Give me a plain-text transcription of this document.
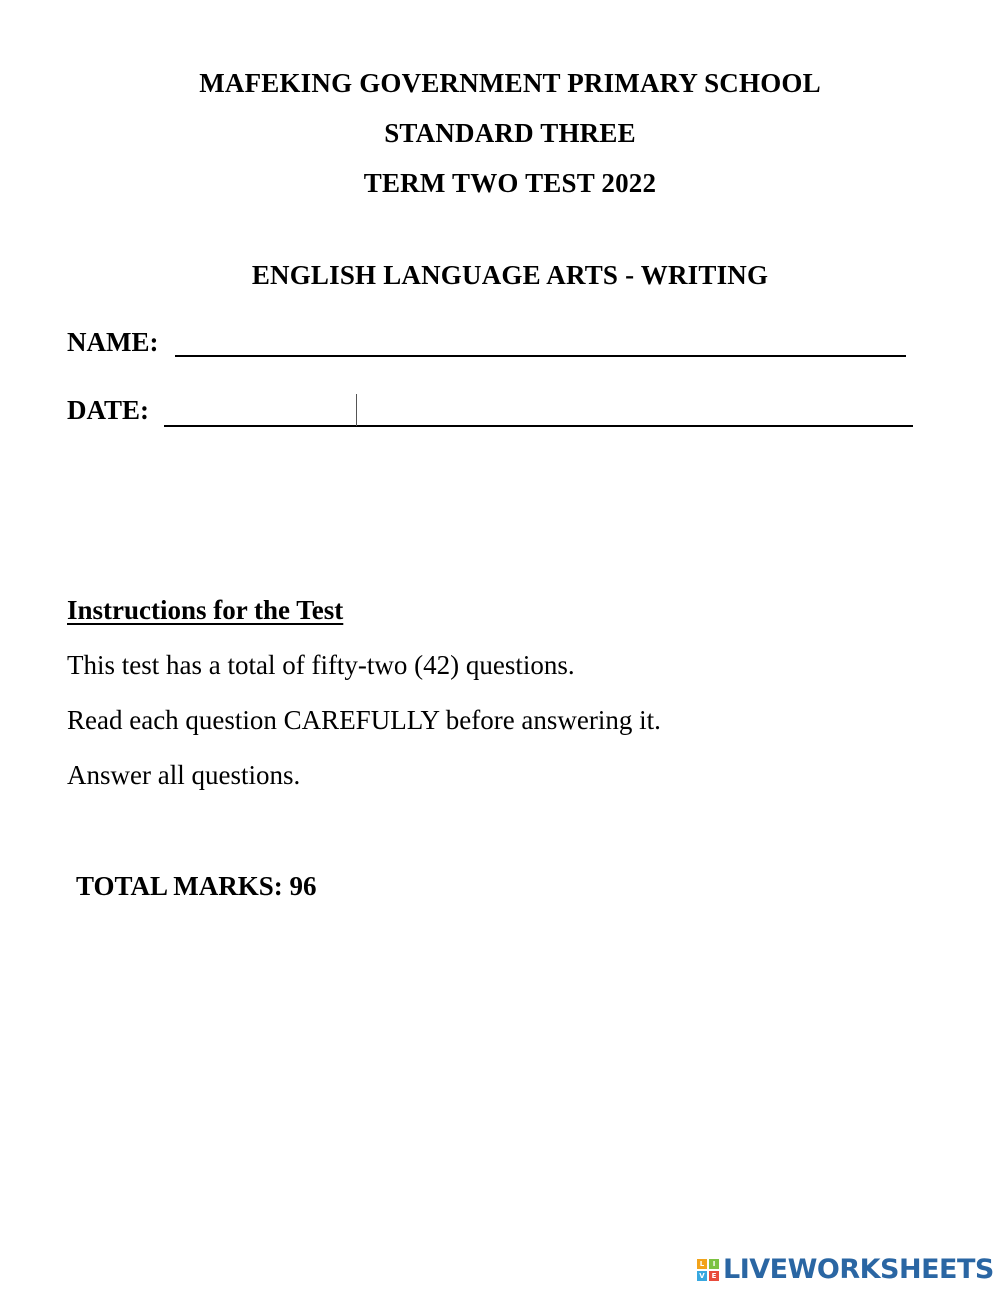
MAFEKING GOVERNMENT PRIMARY SCHOOL
STANDARD THREE
TERM TWO TEST 2022
ENGLISH LANGUAGE ARTS - WRITING
NAME:
DATE:
Instructions for the Test
This test has a total of fifty-two (42) questions.
Read each question CAREFULLY before answering it.
Answer all questions.
TOTAL MARKS: 96
L	I
V E LIVEWORKSHEETS
